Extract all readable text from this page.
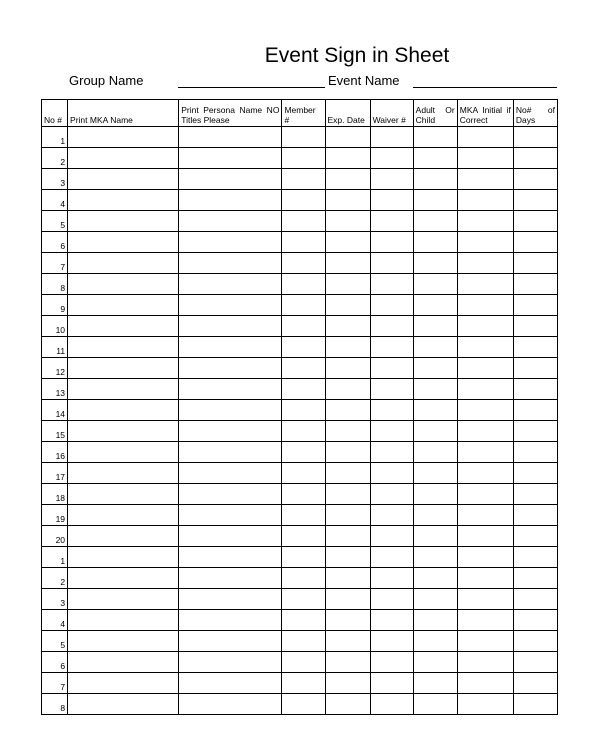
Event Sign in Sheet
Group Name	Event Name
No #	Print MKA Name	Print Persona Name NO Titles Please	Member #	Exp. Date	Waiver #	Adult Or Child	MKA Initial if Correct	No# of Days
1								
2								
3								
4								
5								
6								
7								
8								
9								
10								
11								
12								
13								
14								
15								
16								
17								
18								
19								
20								
1								
2								
3								
4								
5								
6								
7								
8								
